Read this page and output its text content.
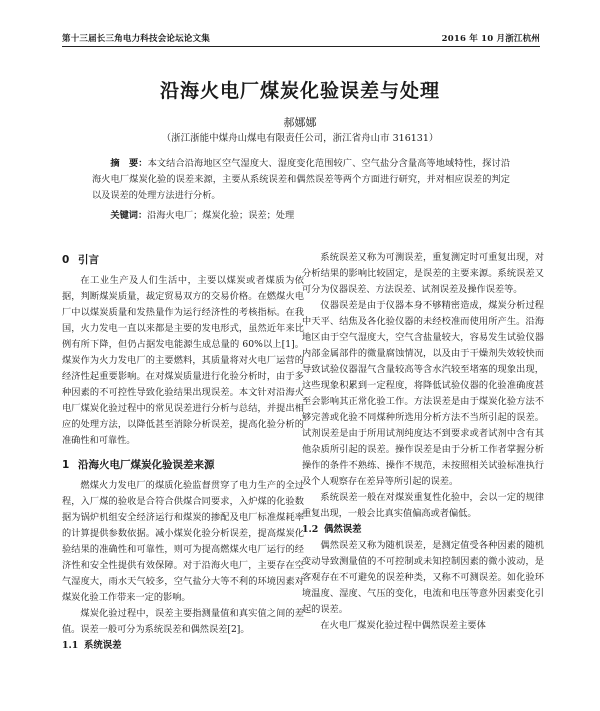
第十三届长三角电力科技会论坛论文集	2016 年 10 月浙江杭州
沿海火电厂煤炭化验误差与处理
郝娜娜
（浙江浙能中煤舟山煤电有限责任公司，浙江省舟山市 316131）
摘　要：本文结合沿海地区空气湿度大、湿度变化范围较广、空气盐分含量高等地域特性，探讨沿海火电厂煤炭化验的误差来源，主要从系统误差和偶然误差等两个方面进行研究，并对相应误差的判定以及误差的处理方法进行分析。
关键词：沿海火电厂；煤炭化验；误差；处理
0 引言

在工业生产及人们生活中，主要以煤炭或者煤质为依据，判断煤炭质量，裁定贸易双方的交易价格。在燃煤火电厂中以煤炭质量和发热量作为运行经济性的考核指标。在我国，火力发电一直以来都是主要的发电形式，虽然近年来比例有所下降，但仍占据发电能源生成总量的 60%以上[1]。煤炭作为火力发电厂的主要燃料，其质量将对火电厂运营的经济性起重要影响。在对煤炭质量进行化验分析时，由于多种因素的不可控性导致化验结果出现误差。本文针对沿海火电厂煤炭化验过程中的常见误差进行分析与总结，并提出相应的处理方法，以降低甚至消除分析误差，提高化验分析的准确性和可靠性。

1 沿海火电厂煤炭化验误差来源

燃煤火力发电厂的煤质化验监督贯穿了电力生产的全过程，入厂煤的验收是合符合供煤合同要求，入炉煤的化验数据为锅炉机组安全经济运行和煤炭的掺配及电厂标准煤耗率的计算提供参数依据。减小煤炭化验分析误差，提高煤炭化验结果的准确性和可靠性，则可为提高燃煤火电厂运行的经济性和安全性提供有效保障。对于沿海火电厂，主要存在空气湿度大，雨水天气较多，空气盐分大等不利的环境因素对煤炭化验工作带来一定的影响。

煤炭化验过程中，误差主要指测量值和真实值之间的差值。误差一般可分为系统误差和偶然误差[2]。

1.1 系统误差

系统误差又称为可测误差，重复测定时可重复出现，对分析结果的影响比较固定，是误差的主要来源。系统误差又可分为仪器误差、方法误差、试剂误差及操作误差等。

仪器误差是由于仪器本身不够精密造成，煤炭分析过程中天平、结焦及各化验仪器的未经校准而使用所产生。沿海地区由于空气湿度大，空气含盐量较大，容易发生试验仪器内部金属部件的微量腐蚀情况，以及由于干燥剂失效较快而导致试验仪器湿气含量较高等含水汽较至堵塞的现象出现，这些现象积累到一定程度，将降低试验仪器的化验准确度甚至会影响其正常化验工作。方法误差是由于煤炭化验方法不够完善或化验不同煤种所选用分析方法不当所引起的误差。试剂误差是由于所用试剂纯度达不到要求或者试剂中含有其他杂质所引起的误差。操作误差是由于分析工作者掌握分析操作的条件不熟练、操作不规范，未按照相关试验标准执行及个人观察存在差异等所引起的误差。

系统误差一般在对煤炭重复性化验中，会以一定的规律重复出现，一般会比真实值偏高或者偏低。

1.2 偶然误差

偶然误差又称为随机误差，是测定值受各种因素的随机变动导致测量值的不可控制或未知控制因素的微小波动，是客观存在不可避免的误差种类，又称不可测误差。如化验环境温度、湿度、气压的变化，电流和电压等意外因素变化引起的误差。

在火电厂煤炭化验过程中偶然误差主要体
